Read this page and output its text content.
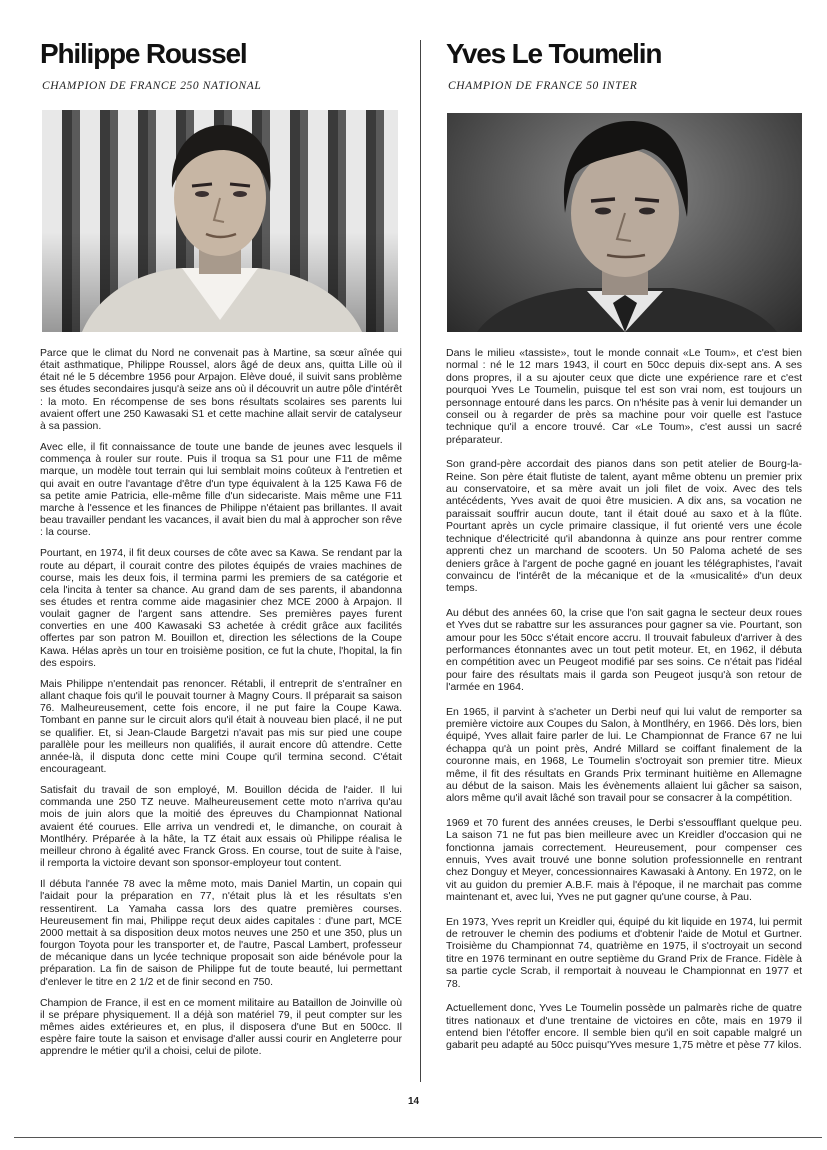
Philippe Roussel

CHAMPION DE FRANCE 250 NATIONAL

Parce que le climat du Nord ne convenait pas à Martine, sa sœur aînée qui était asthmatique, Philippe Roussel, alors âgé de deux ans, quitta Lille où il était né le 5 décembre 1956 pour Arpajon. Elève doué, il suivit sans problème ses études secondaires jusqu'à seize ans où il découvrit un autre pôle d'intérêt : la moto. En récompense de ses bons résultats scolaires ses parents lui avaient offert une 250 Kawasaki S1 et cette machine allait servir de catalyseur à sa passion.

Avec elle, il fit connaissance de toute une bande de jeunes avec lesquels il commença à rouler sur route. Puis il troqua sa S1 pour une F11 de même marque, un modèle tout terrain qui lui semblait moins coûteux à l'entretien et qui avait en outre l'avantage d'être d'un type équivalent à la 125 Kawa F6 de sa petite amie Patricia, elle-même fille d'un sidecariste. Mais même une F11 marche à l'essence et les finances de Philippe n'étaient pas brillantes. Il avait beau travailler pendant les vacances, il avait bien du mal à approcher son rêve : la course.

Pourtant, en 1974, il fit deux courses de côte avec sa Kawa. Se rendant par la route au départ, il courait contre des pilotes équipés de vraies machines de course, mais les deux fois, il termina parmi les premiers de sa catégorie et cela l'incita à tenter sa chance. Au grand dam de ses parents, il abandonna ses études et rentra comme aide magasinier chez MCE 2000 à Arpajon. Il voulait gagner de l'argent sans attendre. Ses premières payes furent converties en une 400 Kawasaki S3 achetée à crédit grâce aux facilités offertes par son patron M. Bouillon et, direction les sélections de la Coupe Kawa. Hélas après un tour en troisième position, ce fut la chute, l'hopital, la fin des espoirs.

Mais Philippe n'entendait pas renoncer. Rétabli, il entreprit de s'entraîner en allant chaque fois qu'il le pouvait tourner à Magny Cours. Il préparait sa saison 76. Malheureusement, cette fois encore, il ne put faire la Coupe Kawa. Tombant en panne sur le circuit alors qu'il était à nouveau bien placé, il ne put se qualifier. Et, si Jean-Claude Bargetzi n'avait pas mis sur pied une coupe parallèle pour les meilleurs non qualifiés, il aurait encore dû attendre. Cette année-là, il disputa donc cette mini Coupe qu'il termina second. C'était encourageant.

Satisfait du travail de son employé, M. Bouillon décida de l'aider. Il lui commanda une 250 TZ neuve. Malheureusement cette moto n'arriva qu'au mois de juin alors que la moitié des épreuves du Championnat National avaient été courues. Elle arriva un vendredi et, le dimanche, on courait à Montlhéry. Préparée à la hâte, la TZ était aux essais où Philippe réalisa le meilleur chrono à égalité avec Franck Gross. En course, tout de suite à l'aise, il remporta la victoire devant son sponsor-employeur tout content.

Il débuta l'année 78 avec la même moto, mais Daniel Martin, un copain qui l'aidait pour la préparation en 77, n'était plus là et les résultats s'en ressentirent. La Yamaha cassa lors des quatre premières courses. Heureusement fin mai, Philippe reçut deux aides capitales : d'une part, MCE 2000 mettait à sa disposition deux motos neuves une 250 et une 350, plus un fourgon Toyota pour les transporter et, de l'autre, Pascal Lambert, professeur de mécanique dans un lycée technique proposait son aide bénévole pour la préparation. La fin de saison de Philippe fut de toute beauté, lui permettant d'enlever le titre en 2 1/2 et de finir second en 750.

Champion de France, il est en ce moment militaire au Bataillon de Joinville où il se prépare physiquement. Il a déjà son matériel 79, il peut compter sur les mêmes aides extérieures et, en plus, il disposera d'une But en 500cc. Il espère faire toute la saison et envisage d'aller aussi courir en Angleterre pour apprendre le métier qu'il a choisi, celui de pilote.

Yves Le Toumelin

CHAMPION DE FRANCE 50 INTER

Dans le milieu «tassiste», tout le monde connait «Le Toum», et c'est bien normal : né le 12 mars 1943, il court en 50cc depuis dix-sept ans. A ses dons propres, il a su ajouter ceux que dicte une expérience rare et c'est pourquoi Yves Le Toumelin, puisque tel est son vrai nom, est toujours un personnage entouré dans les parcs. On n'hésite pas à venir lui demander un conseil ou à regarder de près sa machine pour voir quelle est l'astuce technique qu'il a encore trouvé. Car «Le Toum», c'est aussi un sacré préparateur.

Son grand-père accordait des pianos dans son petit atelier de Bourg-la-Reine. Son père était flutiste de talent, ayant même obtenu un premier prix au conservatoire, et sa mère avait un joli filet de voix. Avec des tels antécédents, Yves avait de quoi être musicien. A dix ans, sa vocation ne paraissait souffrir aucun doute, tant il était doué au saxo et à la flûte. Pourtant après un cycle primaire classique, il fut orienté vers une école technique d'électricité qu'il abandonna à quinze ans pour rentrer comme apprenti chez un marchand de scooters. Un 50 Paloma acheté de ses deniers grâce à l'argent de poche gagné en jouant les télégraphistes, l'avait convaincu de l'intérêt de la mécanique et de la «musicalité» d'un deux temps.

Au début des années 60, la crise que l'on sait gagna le secteur deux roues et Yves dut se rabattre sur les assurances pour gagner sa vie. Pourtant, son amour pour les 50cc s'était encore accru. Il trouvait fabuleux d'arriver à des performances étonnantes avec un tout petit moteur. Et, en 1962, il débuta en compétition avec un Peugeot modifié par ses soins. Ce n'était pas l'idéal pour faire des résultats mais il garda son Peugeot jusqu'à son retour de l'armée en 1964.

En 1965, il parvint à s'acheter un Derbi neuf qui lui valut de remporter sa première victoire aux Coupes du Salon, à Montlhéry, en 1966. Dès lors, bien équipé, Yves allait faire parler de lui. Le Championnat de France 67 ne lui échappa qu'à un point près, André Millard se coiffant finalement de la couronne mais, en 1968, Le Toumelin s'octroyait son premier titre. Mieux même, il fit des résultats en Grands Prix terminant huitième en Allemagne au début de la saison. Mais les évènements allaient lui gâcher sa saison, alors même qu'il avait lâché son travail pour se consacrer à la compétition.

1969 et 70 furent des années creuses, le Derbi s'essoufflant quelque peu. La saison 71 ne fut pas bien meilleure avec un Kreidler d'occasion qui ne fonctionna jamais correctement. Heureusement, pour compenser ces ennuis, Yves avait trouvé une bonne solution professionnelle en rentrant chez Donguy et Meyer, concessionnaires Kawasaki à Antony. En 1972, on le vit au guidon du premier A.B.F. mais à l'époque, il ne marchait pas comme maintenant et, avec lui, Yves ne put gagner qu'une course, à Pau.

En 1973, Yves reprit un Kreidler qui, équipé du kit liquide en 1974, lui permit de retrouver le chemin des podiums et d'obtenir l'aide de Motul et Gurtner. Troisième du Championnat 74, quatrième en 1975, il s'octroyait un second titre en 1976 terminant en outre septième du Grand Prix de France. Fidèle à sa partie cycle Scrab, il remportait à nouveau le Championnat en 1977 et 78.

Actuellement donc, Yves Le Toumelin possède un palmarès riche de quatre titres nationaux et d'une trentaine de victoires en côte, mais en 1979 il entend bien l'étoffer encore. Il semble bien qu'il en soit capable malgré un gabarit peu adapté au 50cc puisqu'Yves mesure 1,75 mètre et pèse 77 kilos.

14
